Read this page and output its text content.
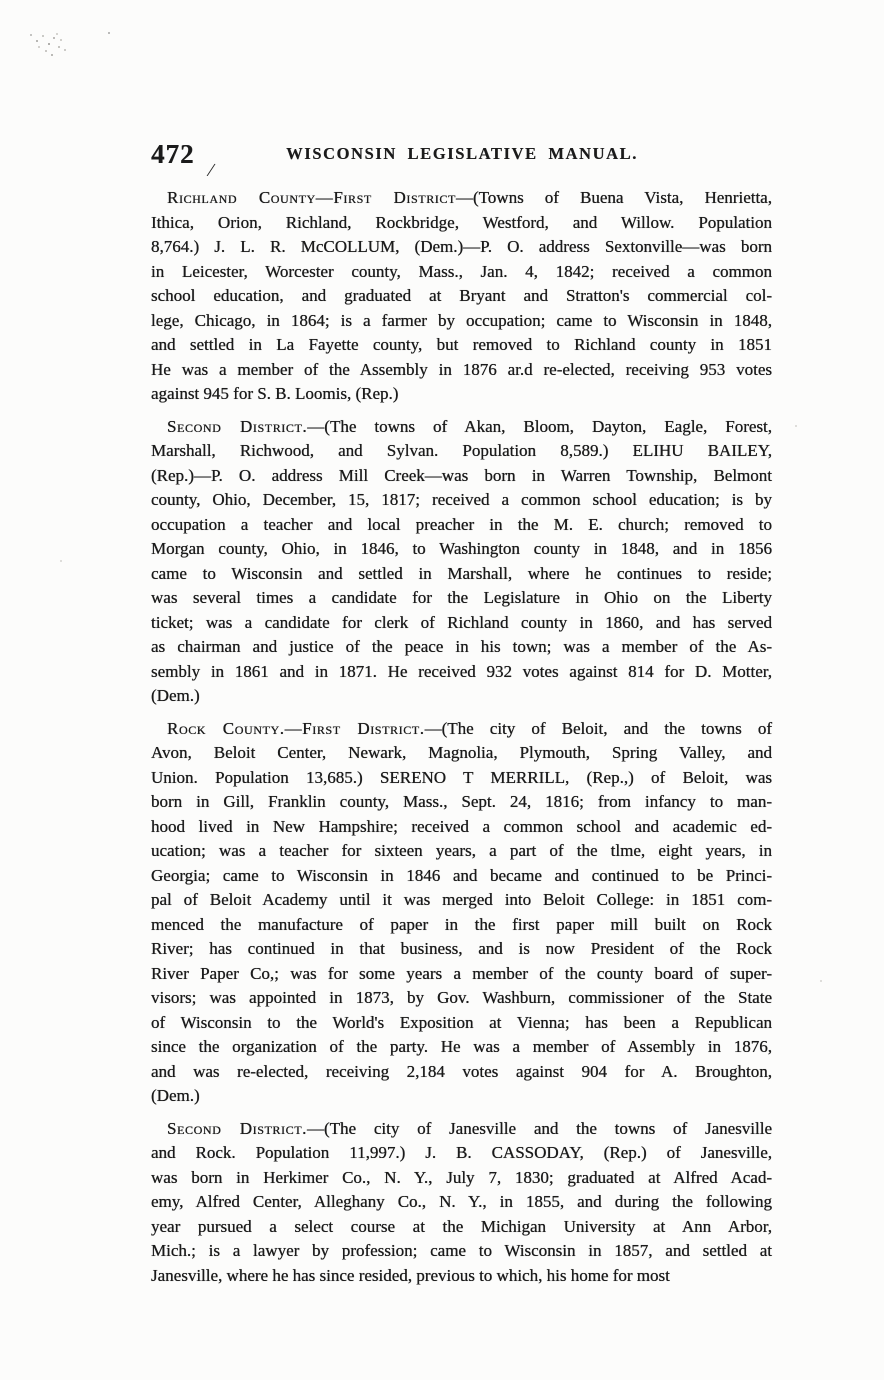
472
/
WISCONSIN LEGISLATIVE MANUAL.
Richland County—First District—(Towns of Buena Vista, Henrietta,
Ithica, Orion, Richland, Rockbridge, Westford, and Willow. Population
8,764.) J. L. R. McCOLLUM, (Dem.)—P. O. address Sextonville—was born
in Leicester, Worcester county, Mass., Jan. 4, 1842; received a common
school education, and graduated at Bryant and Stratton's commercial col-
lege, Chicago, in 1864; is a farmer by occupation; came to Wisconsin in 1848,
and settled in La Fayette county, but removed to Richland county in 1851
He was a member of the Assembly in 1876 ar.d re-elected, receiving 953 votes
against 945 for S. B. Loomis, (Rep.)
Second District.—(The towns of Akan, Bloom, Dayton, Eagle, Forest,
Marshall, Richwood, and Sylvan. Population 8,589.) ELIHU BAILEY,
(Rep.)—P. O. address Mill Creek—was born in Warren Township, Belmont
county, Ohio, December, 15, 1817; received a common school education; is by
occupation a teacher and local preacher in the M. E. church; removed to
Morgan county, Ohio, in 1846, to Washington county in 1848, and in 1856
came to Wisconsin and settled in Marshall, where he continues to reside;
was several times a candidate for the Legislature in Ohio on the Liberty
ticket; was a candidate for clerk of Richland county in 1860, and has served
as chairman and justice of the peace in his town; was a member of the As-
sembly in 1861 and in 1871. He received 932 votes against 814 for D. Motter,
(Dem.)
Rock County.—First District.—(The city of Beloit, and the towns of
Avon, Beloit Center, Newark, Magnolia, Plymouth, Spring Valley, and
Union. Population 13,685.) SERENO T MERRILL, (Rep.,) of Beloit, was
born in Gill, Franklin county, Mass., Sept. 24, 1816; from infancy to man-
hood lived in New Hampshire; received a common school and academic ed-
ucation; was a teacher for sixteen years, a part of the tlme, eight years, in
Georgia; came to Wisconsin in 1846 and became and continued to be Princi-
pal of Beloit Academy until it was merged into Beloit College: in 1851 com-
menced the manufacture of paper in the first paper mill built on Rock
River; has continued in that business, and is now President of the Rock
River Paper Co,; was for some years a member of the county board of super-
visors; was appointed in 1873, by Gov. Washburn, commissioner of the State
of Wisconsin to the World's Exposition at Vienna; has been a Republican
since the organization of the party. He was a member of Assembly in 1876,
and was re-elected, receiving 2,184 votes against 904 for A. Broughton,
(Dem.)
Second District.—(The city of Janesville and the towns of Janesville
and Rock. Population 11,997.) J. B. CASSODAY, (Rep.) of Janesville,
was born in Herkimer Co., N. Y., July 7, 1830; graduated at Alfred Acad-
emy, Alfred Center, Alleghany Co., N. Y., in 1855, and during the following
year pursued a select course at the Michigan University at Ann Arbor,
Mich.; is a lawyer by profession; came to Wisconsin in 1857, and settled at
Janesville, where he has since resided, previous to which, his home for most
